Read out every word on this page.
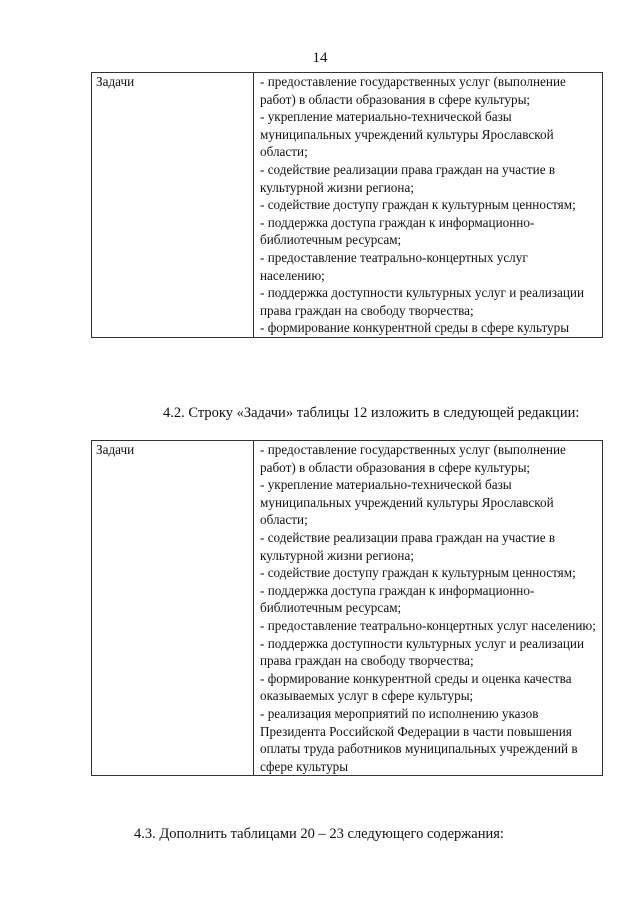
14
Задачи	- предоставление государственных услуг (выполнение работ) в области образования в сфере культуры;
- укрепление материально-технической базы муниципальных учреждений культуры Ярославской области;
- содействие реализации права граждан на участие в культурной жизни региона;
- содействие доступу граждан к культурным ценностям;
- поддержка доступа граждан к информационно-библиотечным ресурсам;
- предоставление театрально-концертных услуг населению;
- поддержка доступности культурных услуг и реализации права граждан на свободу творчества;
- формирование конкурентной среды в сфере культуры
4.2. Строку «Задачи» таблицы 12 изложить в следующей редакции:
Задачи	- предоставление государственных услуг (выполнение работ) в области образования в сфере культуры;
- укрепление материально-технической базы муниципальных учреждений культуры Ярославской области;
- содействие реализации права граждан на участие в культурной жизни региона;
- содействие доступу граждан к культурным ценностям;
- поддержка доступа граждан к информационно-библиотечным ресурсам;
- предоставление театрально-концертных услуг населению;
- поддержка доступности культурных услуг и реализации права граждан на свободу творчества;
- формирование конкурентной среды и оценка качества оказываемых услуг в сфере культуры;
- реализация мероприятий по исполнению указов Президента Российской Федерации в части повышения оплаты труда работников муниципальных учреждений в сфере культуры
4.3. Дополнить таблицами 20 – 23 следующего содержания:
